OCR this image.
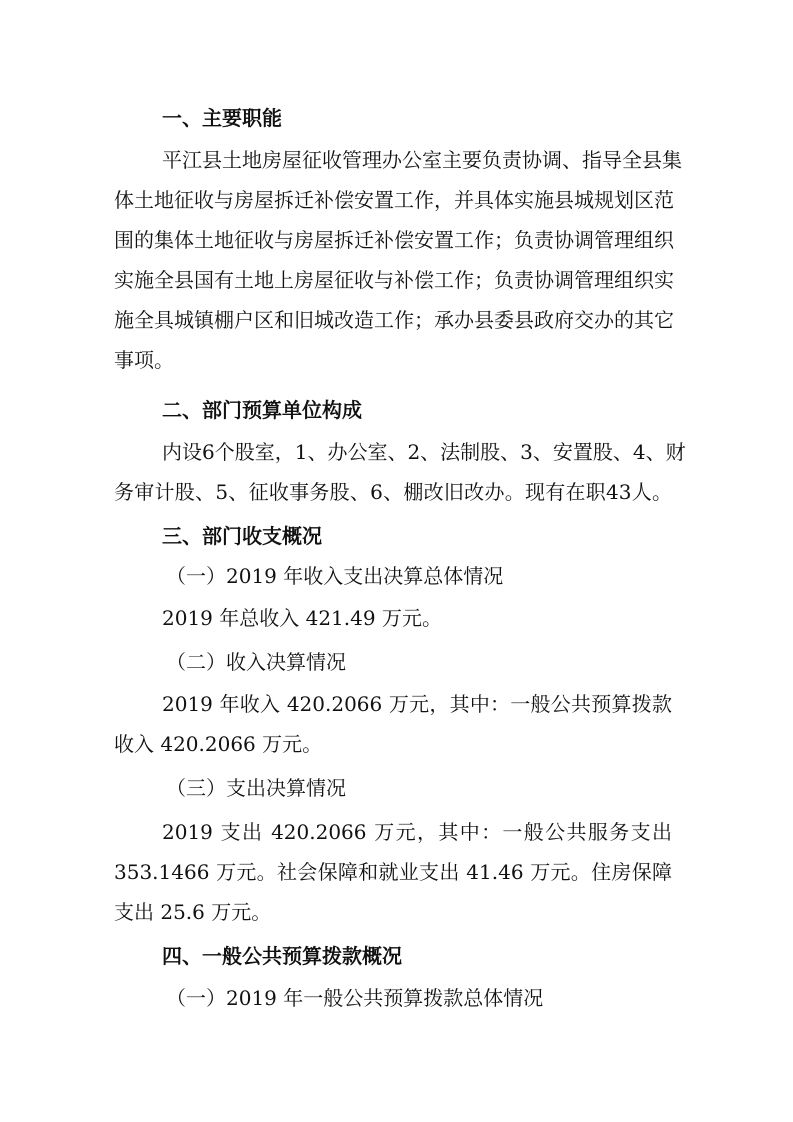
一、主要职能
平江县土地房屋征收管理办公室主要负责协调、指导全县集
体土地征收与房屋拆迁补偿安置工作，并具体实施县城规划区范
围的集体土地征收与房屋拆迁补偿安置工作；负责协调管理组织
实施全县国有土地上房屋征收与补偿工作；负责协调管理组织实
施全具城镇棚户区和旧城改造工作；承办县委县政府交办的其它
事项。
二、部门预算单位构成
内设6个股室，1、办公室、2、法制股、3、安置股、4、财
务审计股、5、征收事务股、6、棚改旧改办。现有在职43人。
三、部门收支概况
（一）2019 年收入支出决算总体情况
2019 年总收入 421.49 万元。
（二）收入决算情况
2019 年收入 420.2066 万元，其中：一般公共预算拨款
收入 420.2066 万元。
（三）支出决算情况
2019 支出 420.2066 万元，其中：一般公共服务支出
353.1466 万元。社会保障和就业支出 41.46 万元。住房保障
支出 25.6 万元。
四、一般公共预算拨款概况
（一）2019 年一般公共预算拨款总体情况
